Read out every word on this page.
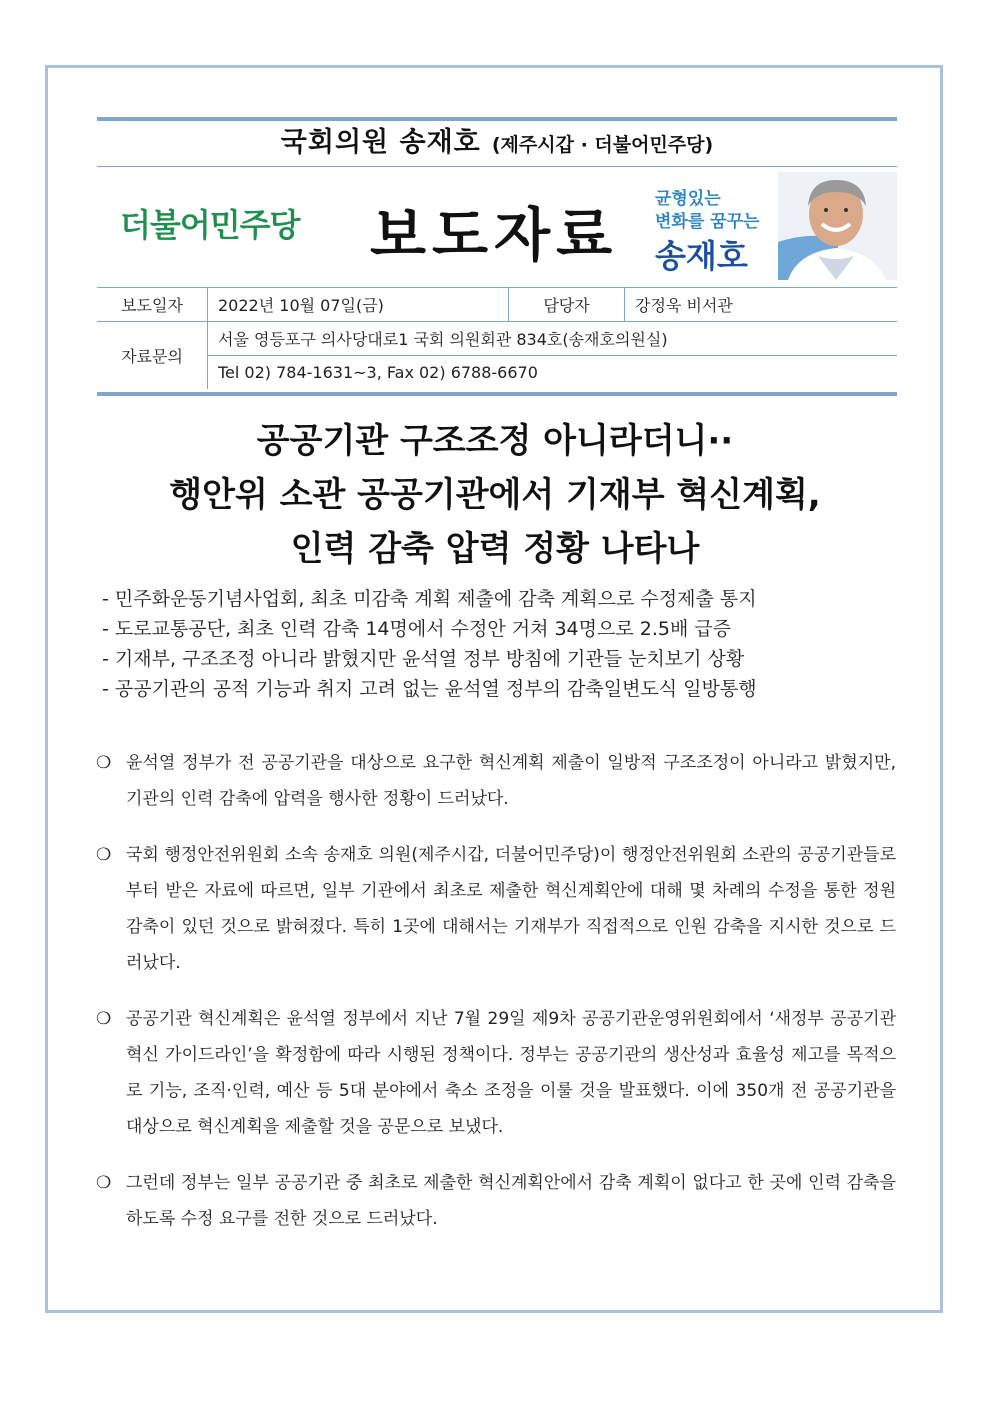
국회의원 송재호 (제주시갑 · 더불어민주당)
더불어민주당 보도자료
균형있는
변화를 꿈꾸는
송재호
보도일자	2022년 10월 07일(금)	담당자	강정욱 비서관
자료문의	서울 영등포구 의사당대로1 국회 의원회관 834호(송재호의원실)		
	Tel 02) 784-1631~3, Fax 02) 6788-6670		
공공기관 구조조정 아니라더니··
행안위 소관 공공기관에서 기재부 혁신계획,
인력 감축 압력 정황 나타나
- 민주화운동기념사업회, 최초 미감축 계획 제출에 감축 계획으로 수정제출 통지
- 도로교통공단, 최초 인력 감축 14명에서 수정안 거쳐 34명으로 2.5배 급증
- 기재부, 구조조정 아니라 밝혔지만 윤석열 정부 방침에 기관들 눈치보기 상황
- 공공기관의 공적 기능과 취지 고려 없는 윤석열 정부의 감축일변도식 일방통행
❍ 윤석열 정부가 전 공공기관을 대상으로 요구한 혁신계획 제출이 일방적 구조조정이 아니라고 밝혔지만, 기관의 인력 감축에 압력을 행사한 정황이 드러났다.
❍ 국회 행정안전위원회 소속 송재호 의원(제주시갑, 더불어민주당)이 행정안전위원회 소관의 공공기관들로부터 받은 자료에 따르면, 일부 기관에서 최초로 제출한 혁신계획안에 대해 몇 차례의 수정을 통한 정원 감축이 있던 것으로 밝혀졌다. 특히 1곳에 대해서는 기재부가 직접적으로 인원 감축을 지시한 것으로 드러났다.
❍ 공공기관 혁신계획은 윤석열 정부에서 지난 7월 29일 제9차 공공기관운영위원회에서 ‘새정부 공공기관 혁신 가이드라인’을 확정함에 따라 시행된 정책이다. 정부는 공공기관의 생산성과 효율성 제고를 목적으로 기능, 조직·인력, 예산 등 5대 분야에서 축소 조정을 이룰 것을 발표했다. 이에 350개 전 공공기관을 대상으로 혁신계획을 제출할 것을 공문으로 보냈다.
❍ 그런데 정부는 일부 공공기관 중 최초로 제출한 혁신계획안에서 감축 계획이 없다고 한 곳에 인력 감축을 하도록 수정 요구를 전한 것으로 드러났다.
